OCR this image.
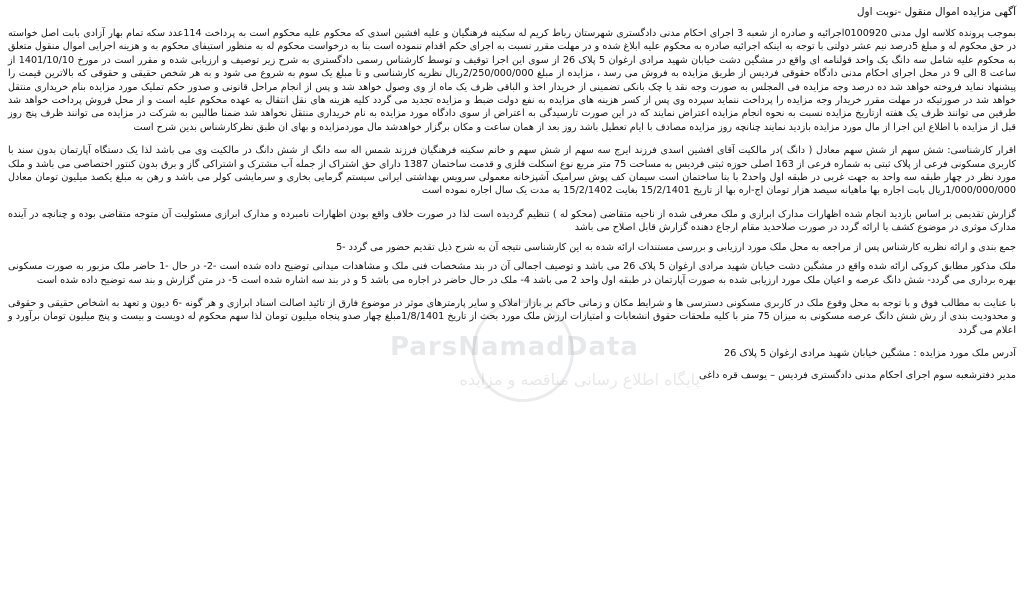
آگهی مزایده اموال منقول -نوبت اول
بموجب پرونده کلاسه اول مدنی 0100920اجرائیه و صادره از شعبه 3 اجرای احکام مدنی دادگستری شهرستان رباط کریم له سکینه فرهنگیان و علیه افشین اسدی که محکوم علیه محکوم است به پرداخت 114عدد سکه تمام بهار آزادی بابت اصل خواسته در حق محکوم له و مبلغ 5درصد نیم عشر دولتی با توجه به اینکه اجرائیه صادره به محکوم علیه ابلاغ شده و در مهلت مقرر نسبت به اجرای حکم اقدام ننموده است بنا به درخواست محکوم له به منظور استیفای محکوم به و هزینه اجرایی اموال منقول متعلق به محکوم علیه شامل سه دانگ یک واحد قولنامه ای واقع در مشگین دشت خیابان شهید مرادی ارغوان 5 پلاک 26 از سوی این اجرا توقیف و توسط کارشناس رسمی دادگستری به شرح زیر توصیف و ارزیابی شده و مقرر است در مورخ 1401/10/10 از ساعت 8 الی 9 در محل اجرای احکام مدنی دادگاه حقوقی فردیس از طریق مزایده به فروش می رسد ، مزایده از مبلغ 2/250/000/000ریال نظریه کارشناسی و تا مبلغ یک سوم به شروع می شود و به هر شخص حقیقی و حقوقی که بالاترین قیمت را پیشنهاد نماید فروخته خواهد شد ده درصد وجه مزایده فی المجلس به صورت وجه نقد یا چک بانکی تضمینی از خریدار اخذ و الباقی ظرف یک ماه از وی وصول خواهد شد و پس از انجام مراحل قانونی و صدور حکم تملیک مورد مزایده بنام خریداری منتقل خواهد شد در صورتیکه در مهلت مقرر خریدار وجه مزایده را پرداخت ننماید سپرده وی پس از کسر هزینه های مزایده به نفع دولت ضبط و مزایده تجدید می گردد کلیه هزینه های نقل انتقال به عهده محکوم علیه است و از محل فروش پرداخت خواهد شد طرفین می توانند ظرف یک هفته ازتاریخ مزایده نسبت به نحوه انجام مزایده اعتراض نمایند که در این صورت تارسیدگی به اعتراض از سوی دادگاه مورد مزایده به نام خریداری منتقل نخواهد شد ضمنا طالبین به شرکت در مزایده می توانند ظرف پنج روز قبل از مزایده با اطلاع این اجرا از مال مورد مزایده بازدید نمایند چنانچه روز مزایده مصادف با ایام تعطیل باشد روز بعد از همان ساعت و مکان برگزار خواهدشد مال موردمزایده و بهای ان طبق نظرکارشناس بدین شرح است
اقرار کارشناسی: شش سهم از شش سهم معادل ( دانگ )در مالکیت آقای افشین اسدی فرزند ایرج سه سهم از شش سهم و خانم سکینه فرهنگیان فرزند شمس اله سه دانگ از شش دانگ در مالکیت وی می باشد لذا یک دستگاه آپارتمان بدون سند با کاربری مسکونی فرعی از پلاک ثبتی به شماره فرعی از 163 اصلی حوزه ثبتی فردیس به مساحت 75 متر مربع نوع اسکلت فلزی و قدمت ساختمان 1387 دارای حق اشتراک از جمله آب مشترک و اشتراکی گاز و برق بدون کنتور اختصاصی می باشد و ملک مورد نظر در چهار طبقه سه واحد به جهت غربی در طبقه اول واحد2 با بنا ساختمان است سیمان کف پوش سرامیک آشپزخانه معمولی سرویس بهداشتی ایرانی سیستم گرمایی بخاری و سرمایشی کولر می باشد و رهن به مبلغ یکصد میلیون تومان معادل 1/000/000/000ریال بابت اجاره بها ماهیانه سیصد هزار تومان اج-اره بها از تاریخ 15/2/1401 بغایت 15/2/1402 به مدت یک سال اجاره نموده است
گزارش تقدیمی بر اساس بازدید انجام شده اظهارات مدارک ابرازی و ملک معرفی شده از ناحیه متقاضی (محکو له ) تنظیم گردیده است لذا در صورت خلاف واقع بودن اظهارات نامبرده و مدارک ابرازی مسئولیت آن متوجه متقاضی بوده و چنانچه در آینده مدارک موثری در موضوع کشف یا ارائه گردد در صورت صلاحدید مقام ارجاع دهنده گزارش قابل اصلاح می باشد
جمع بندی و ارائه نظریه کارشناس پس از مراجعه به محل ملک مورد ارزیابی و بررسی مستندات ارائه شده به این کارشناسی نتیجه آن به شرح ذیل تقدیم حضور می گردد -5
ملک مذکور مطابق کروکی ارائه شده واقع در مشگین دشت خیابان شهید مرادی ارغوان 5 پلاک 26 می باشد و توصیف اجمالی آن در بند مشخصات فنی ملک و مشاهدات میدانی توضیح داده شده است -2- در حال -1 حاضر ملک مزبور به صورت مسکونی بهره برداری می گردد- شش دانگ عرصه و اعیان ملک مورد ارزیابی شده به صورت آپارتمان در طبقه اول واحد 2 می باشد 4- ملک در حال حاضر در اجاره می باشد 5 و در بند سه اشاره شده است 5- در متن گزارش و بند سه توضیح داده شده است
با عنایت به مطالب فوق و با توجه به محل وقوع ملک در کاربری مسکونی دسترسی ها و شرایط مکان و زمانی حاکم بر بازار املاک و سایر پارمترهای موثر در موضوع فارق از تائید اصالت اسناد ابرازی و هر گونه -6 دیون و تعهد به اشخاص حقیقی و حقوقی و محدودیت بندی از رش شش دانگ عرصه مسکونی به میزان 75 متر با کلیه ملحقات حقوق انشعابات و امتیازات ارزش ملک مورد بحث از تاریخ 1/8/1401مبلغ چهار صدو پنجاه میلیون تومان لذا سهم محکوم له دویست و بیست و پنج میلیون تومان برآورد و اعلام می گردد
آدرس ملک مورد مزایده : مشگین خیابان شهید مرادی ارغوان 5 پلاک 26
مدیر دفترشعبه سوم اجرای احکام مدنی دادگستری فردیس – یوسف قره داغی
ParsNamadData
پایگاه اطلاع رسانی مناقصه و مزایده
